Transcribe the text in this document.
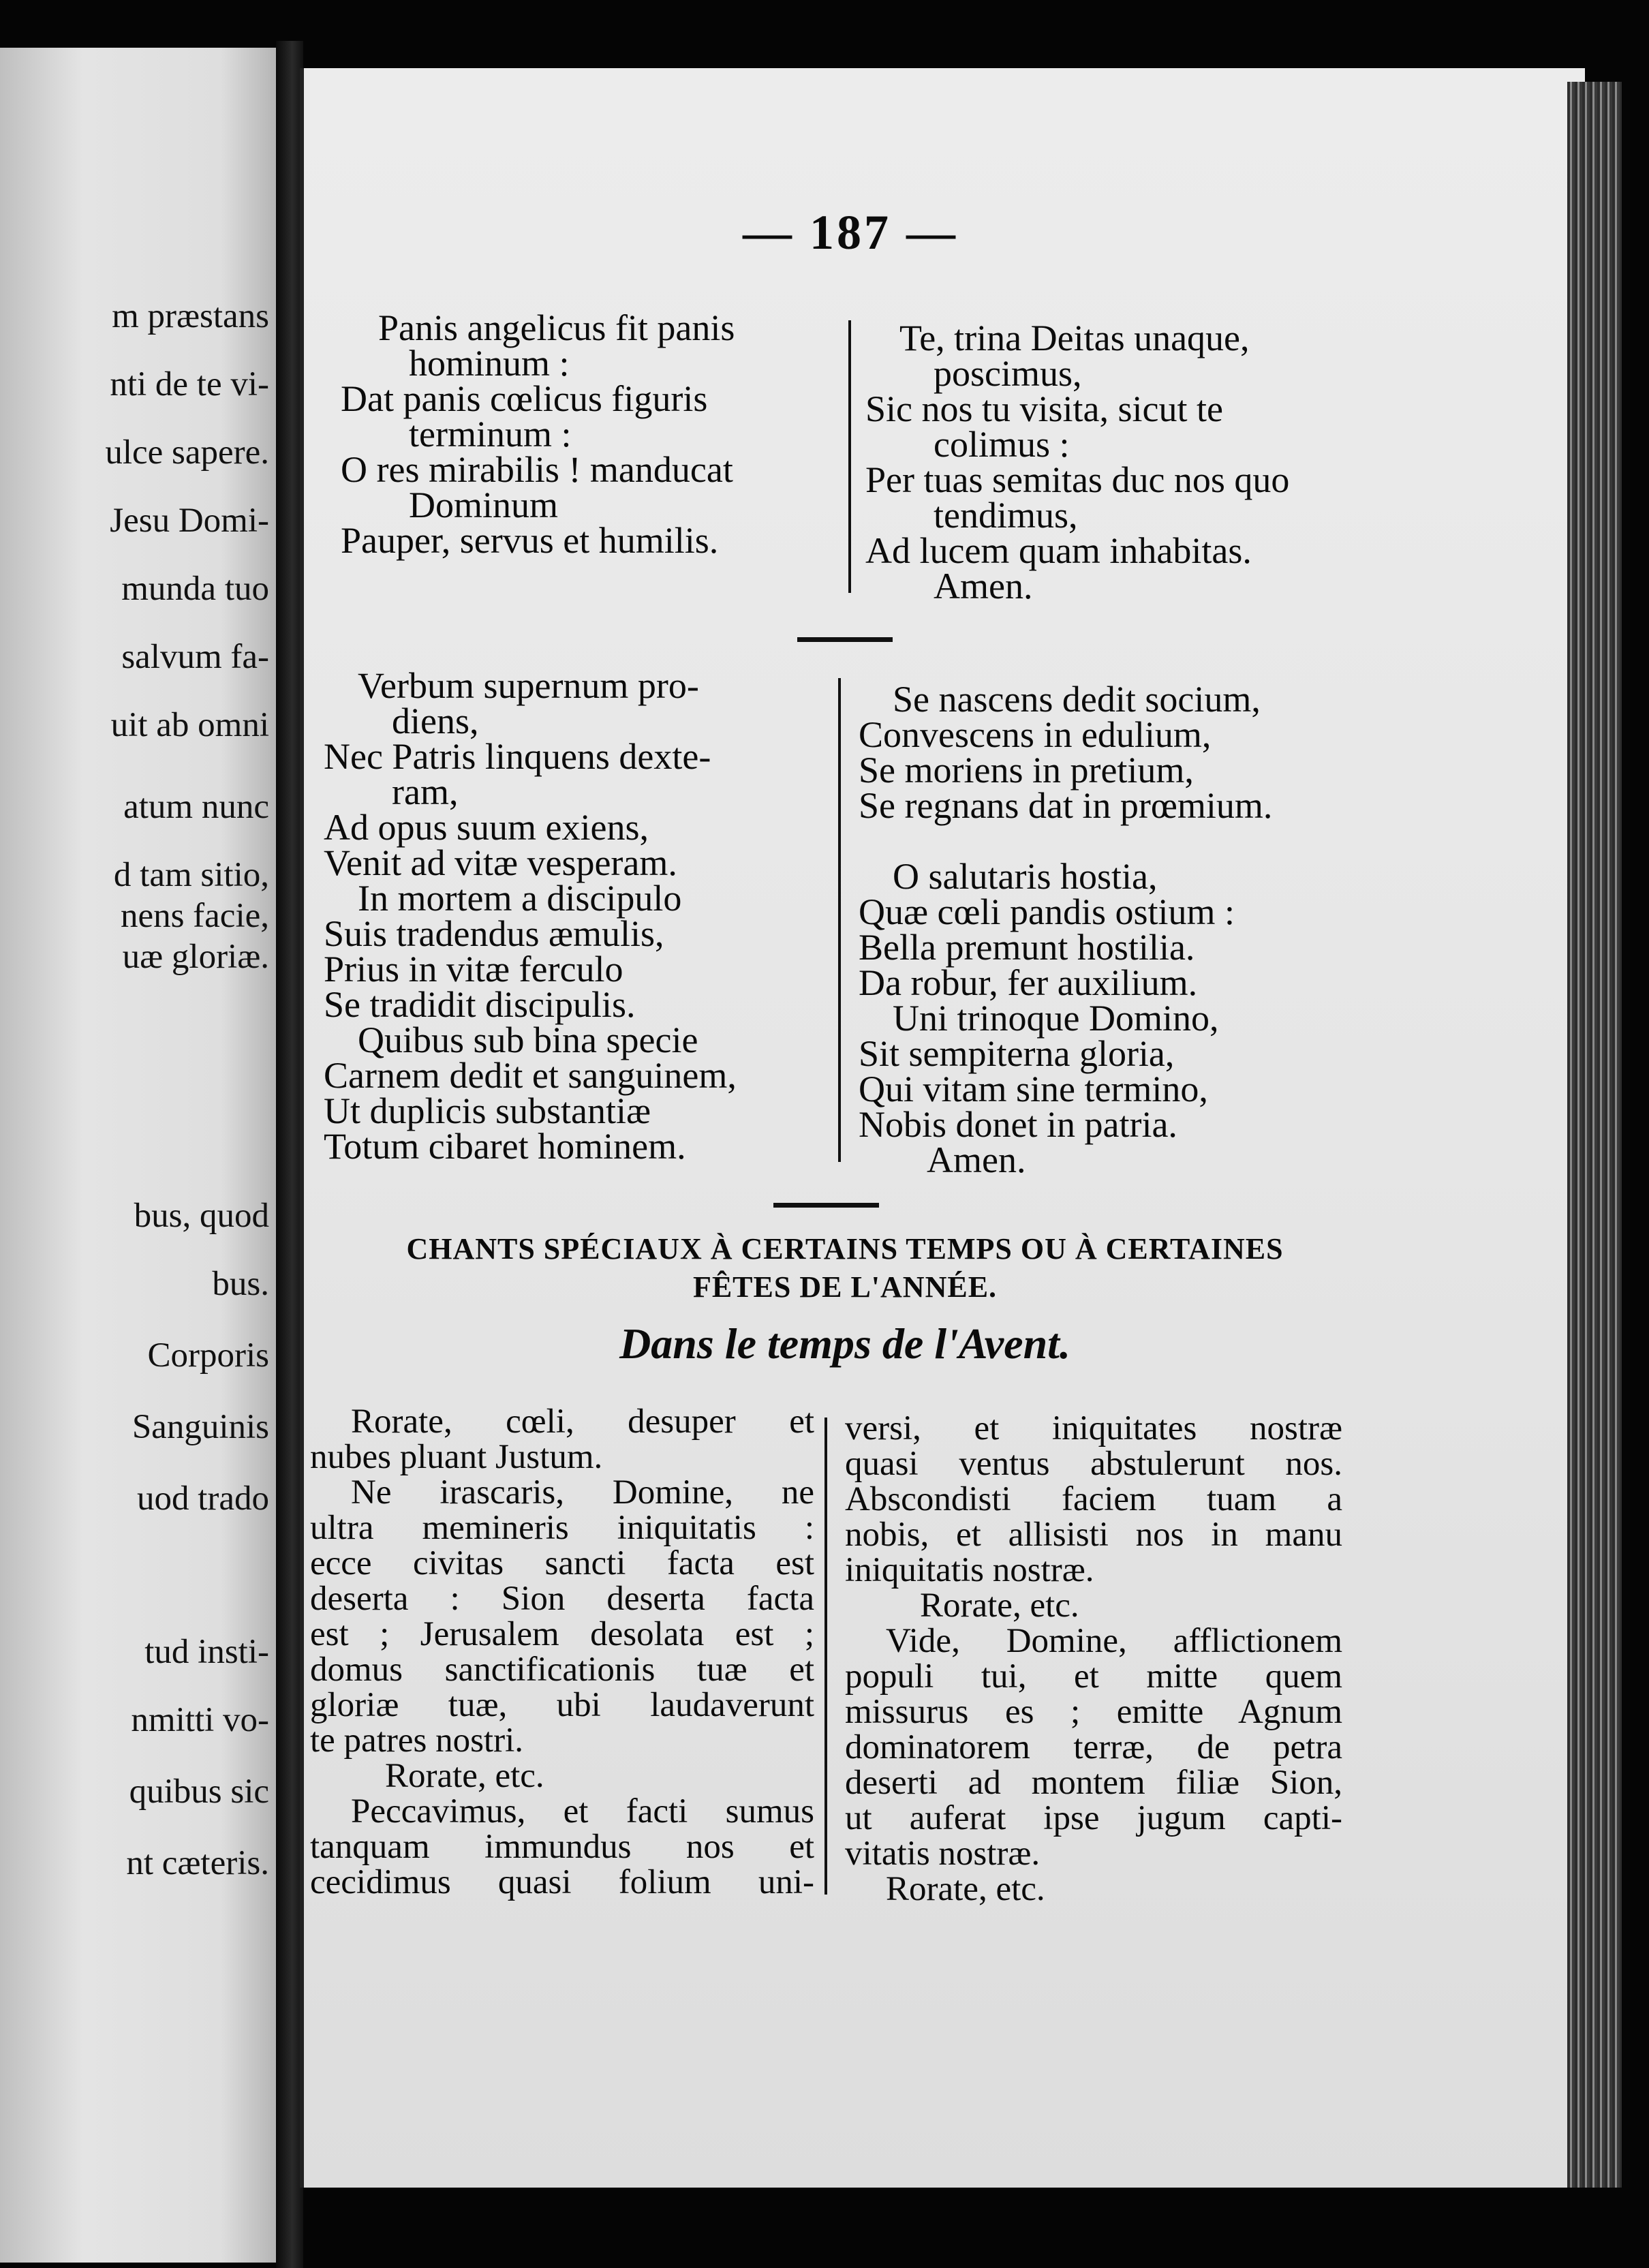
m præstans
nti de te vi-
ulce sapere.
Jesu Domi-
munda tuo
salvum fa-
uit ab omni
atum nunc
d tam sitio,
nens facie,
uæ gloriæ.
bus, quod
bus.
Corporis
Sanguinis
uod trado
tud insti-
nmitti vo-
quibus sic
nt cæteris.
— 187 —
Panis angelicus fit panis
hominum :
Dat panis cœlicus figuris
terminum :
O res mirabilis ! manducat
Dominum
Pauper, servus et humilis.
Te, trina Deitas unaque,
poscimus,
Sic nos tu visita, sicut te
colimus :
Per tuas semitas duc nos quo
tendimus,
Ad lucem quam inhabitas.
Amen.
Verbum supernum pro-
diens,
Nec Patris linquens dexte-
ram,
Ad opus suum exiens,
Venit ad vitæ vesperam.
In mortem a discipulo
Suis tradendus æmulis,
Prius in vitæ ferculo
Se tradidit discipulis.
Quibus sub bina specie
Carnem dedit et sanguinem,
Ut duplicis substantiæ
Totum cibaret hominem.
Se nascens dedit socium,
Convescens in edulium,
Se moriens in pretium,
Se regnans dat in prœmium.
O salutaris hostia,
Quæ cœli pandis ostium :
Bella premunt hostilia.
Da robur, fer auxilium.
Uni trinoque Domino,
Sit sempiterna gloria,
Qui vitam sine termino,
Nobis donet in patria.
Amen.
CHANTS SPÉCIAUX À CERTAINS TEMPS OU À CERTAINES
FÊTES DE L'ANNÉE.
Dans le temps de l'Avent.
Rorate, cœli, desuper et
nubes pluant Justum.
Ne irascaris, Domine, ne
ultra memineris iniquitatis :
ecce civitas sancti facta est
deserta : Sion deserta facta
est ; Jerusalem desolata est ;
domus sanctificationis tuæ et
gloriæ tuæ, ubi laudaverunt
te patres nostri.
Rorate, etc.
Peccavimus, et facti sumus
tanquam immundus nos et
cecidimus quasi folium uni-
versi, et iniquitates nostræ
quasi ventus abstulerunt nos.
Abscondisti faciem tuam a
nobis, et allisisti nos in manu
iniquitatis nostræ.
Rorate, etc.
Vide, Domine, afflictionem
populi tui, et mitte quem
missurus es ; emitte Agnum
dominatorem terræ, de petra
deserti ad montem filiæ Sion,
ut auferat ipse jugum capti-
vitatis nostræ.
Rorate, etc.
